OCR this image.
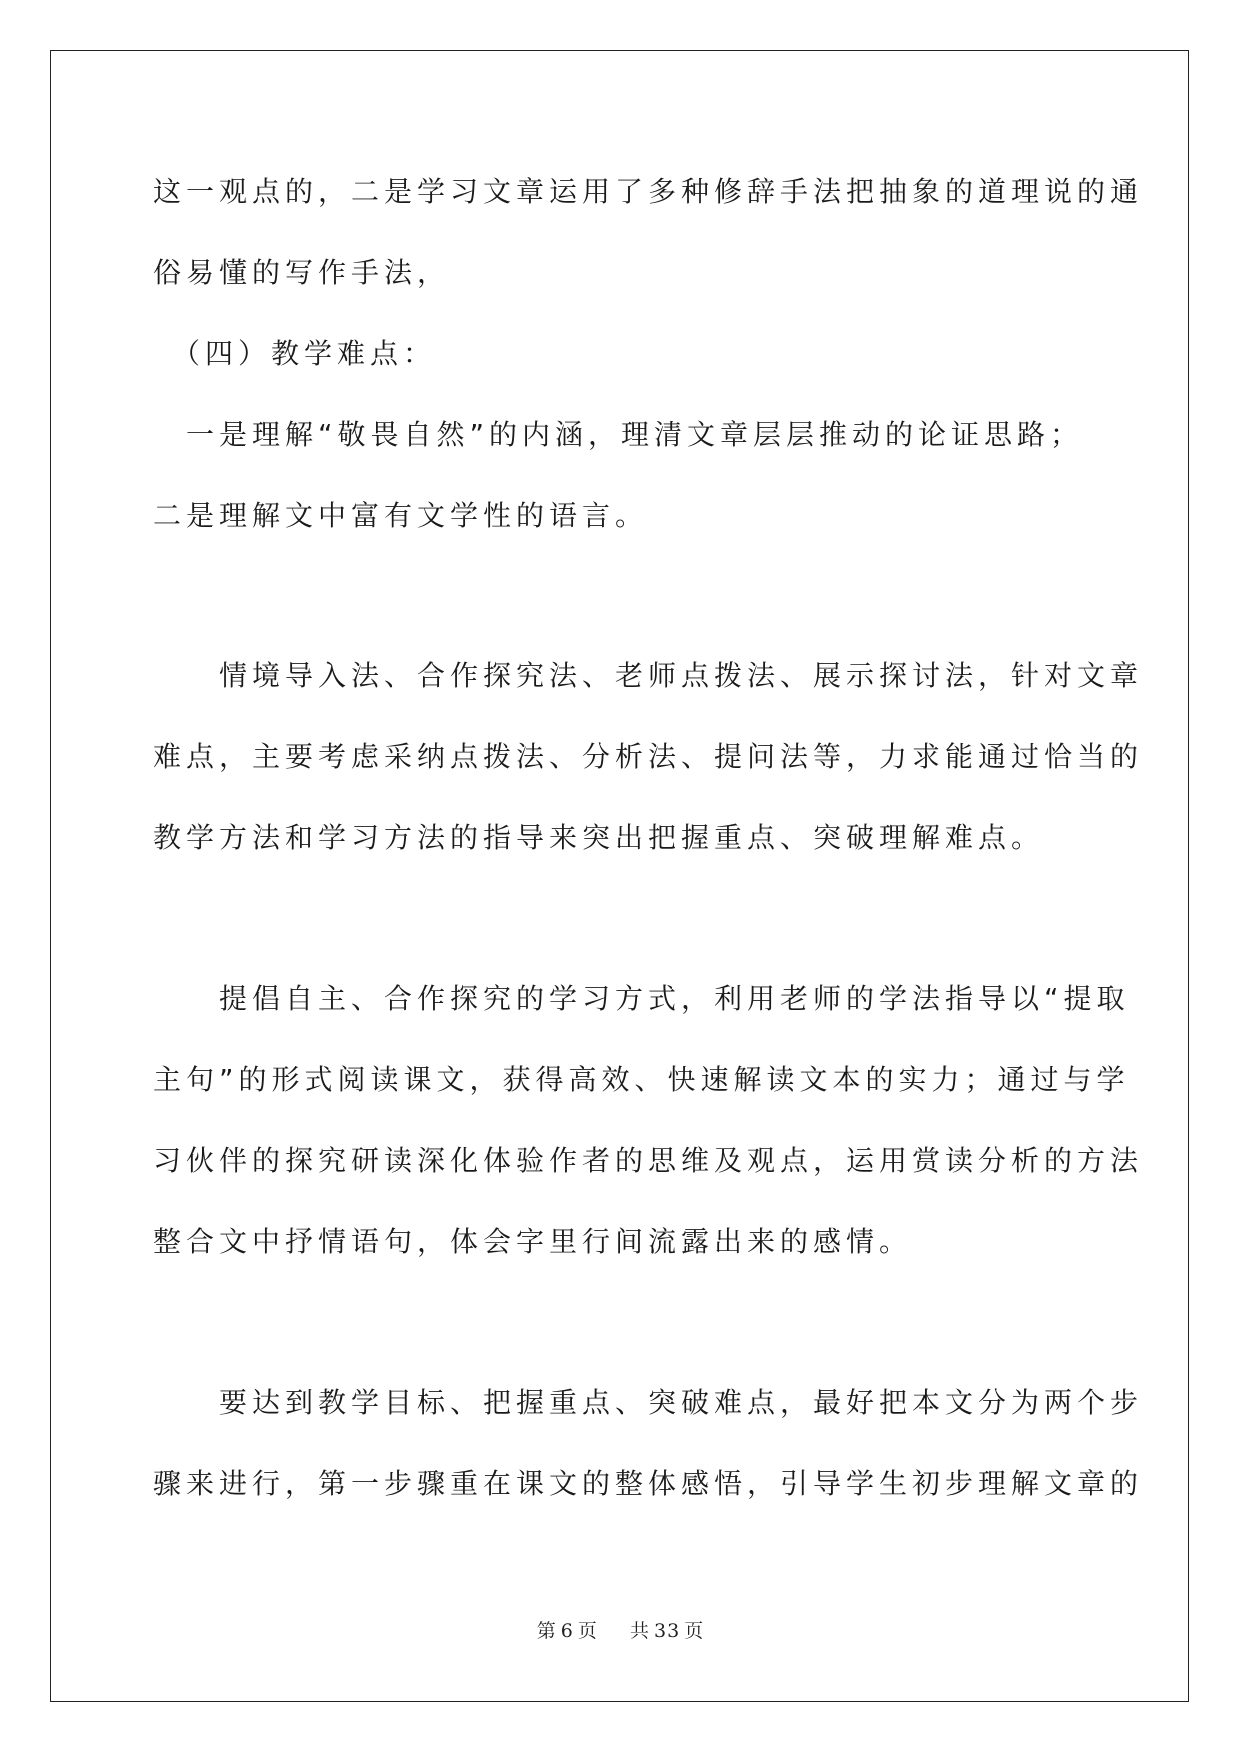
这一观点的，二是学习文章运用了多种修辞手法把抽象的道理说的通
俗易懂的写作手法，
　（四）教学难点：
　一是理解“敬畏自然”的内涵，理清文章层层推动的论证思路；
二是理解文中富有文学性的语言。
　　情境导入法、合作探究法、老师点拨法、展示探讨法，针对文章
难点，主要考虑采纳点拨法、分析法、提问法等，力求能通过恰当的
教学方法和学习方法的指导来突出把握重点、突破理解难点。
　　提倡自主、合作探究的学习方式，利用老师的学法指导以“提取
主句”的形式阅读课文，获得高效、快速解读文本的实力；通过与学
习伙伴的探究研读深化体验作者的思维及观点，运用赏读分析的方法
整合文中抒情语句，体会字里行间流露出来的感情。
　　要达到教学目标、把握重点、突破难点，最好把本文分为两个步
骤来进行，第一步骤重在课文的整体感悟，引导学生初步理解文章的
第 6 页 共 33 页
